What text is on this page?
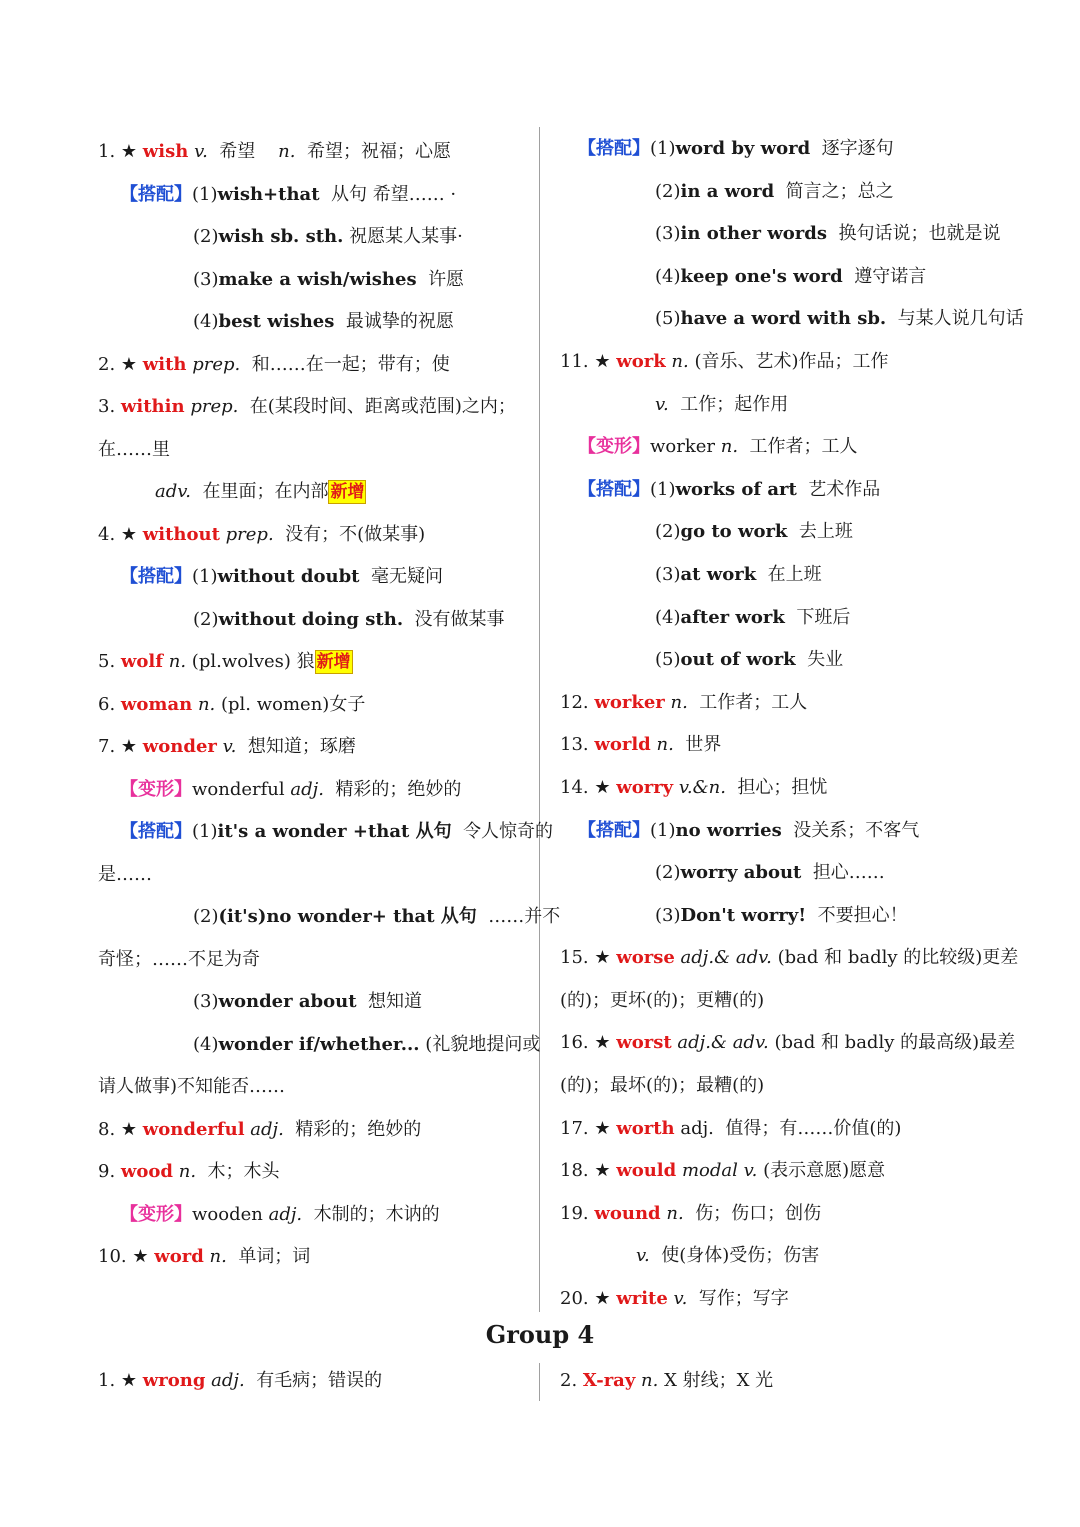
1. ★ wish v. 希望 n. 希望；祝福；心愿
【搭配】(1)wish+that 从句 希望…… ·
(2)wish sb. sth. 祝愿某人某事·
(3)make a wish/wishes 许愿
(4)best wishes 最诚挚的祝愿
2. ★ with prep. 和……在一起；带有；使
3. within prep. 在(某段时间、距离或范围)之内；
在……里
adv. 在里面；在内部 新增
4. ★ without prep. 没有；不(做某事)
【搭配】(1)without doubt 毫无疑问
(2)without doing sth. 没有做某事
5. wolf n. (pl.wolves) 狼 新增
6. woman n. (pl. women)女子
7. ★ wonder v. 想知道；琢磨
【变形】wonderful adj. 精彩的；绝妙的
【搭配】(1)it's a wonder +that 从句 令人惊奇的
是……
(2)(it's)no wonder+ that 从句 ……并不
奇怪；……不足为奇
(3)wonder about 想知道
(4)wonder if/whether... (礼貌地提问或
请人做事)不知能否……
8. ★ wonderful adj. 精彩的；绝妙的
9. wood n. 木；木头
【变形】wooden adj. 木制的；木讷的
10. ★ word n. 单词；词
【搭配】(1)word by word 逐字逐句
(2)in a word 简言之；总之
(3)in other words 换句话说；也就是说
(4)keep one's word 遵守诺言
(5)have a word with sb. 与某人说几句话
11. ★ work n. (音乐、艺术)作品；工作
v. 工作；起作用
【变形】worker n. 工作者；工人
【搭配】(1)works of art 艺术作品
(2)go to work 去上班
(3)at work 在上班
(4)after work 下班后
(5)out of work 失业
12. worker n. 工作者；工人
13. world n. 世界
14. ★ worry v.&n. 担心；担忧
【搭配】(1)no worries 没关系；不客气
(2)worry about 担心……
(3)Don't worry! 不要担心！
15. ★ worse adj.& adv. (bad 和 badly 的比较级)更差
(的)；更坏(的)；更糟(的)
16. ★ worst adj.& adv. (bad 和 badly 的最高级)最差
(的)；最坏(的)；最糟(的)
17. ★ worth adj. 值得；有……价值(的)
18. ★ would modal v. (表示意愿)愿意
19. wound n. 伤；伤口；创伤
v. 使(身体)受伤；伤害
20. ★ write v. 写作；写字
Group 4
1. ★ wrong adj. 有毛病；错误的	2. X-ray n. X 射线；X 光
